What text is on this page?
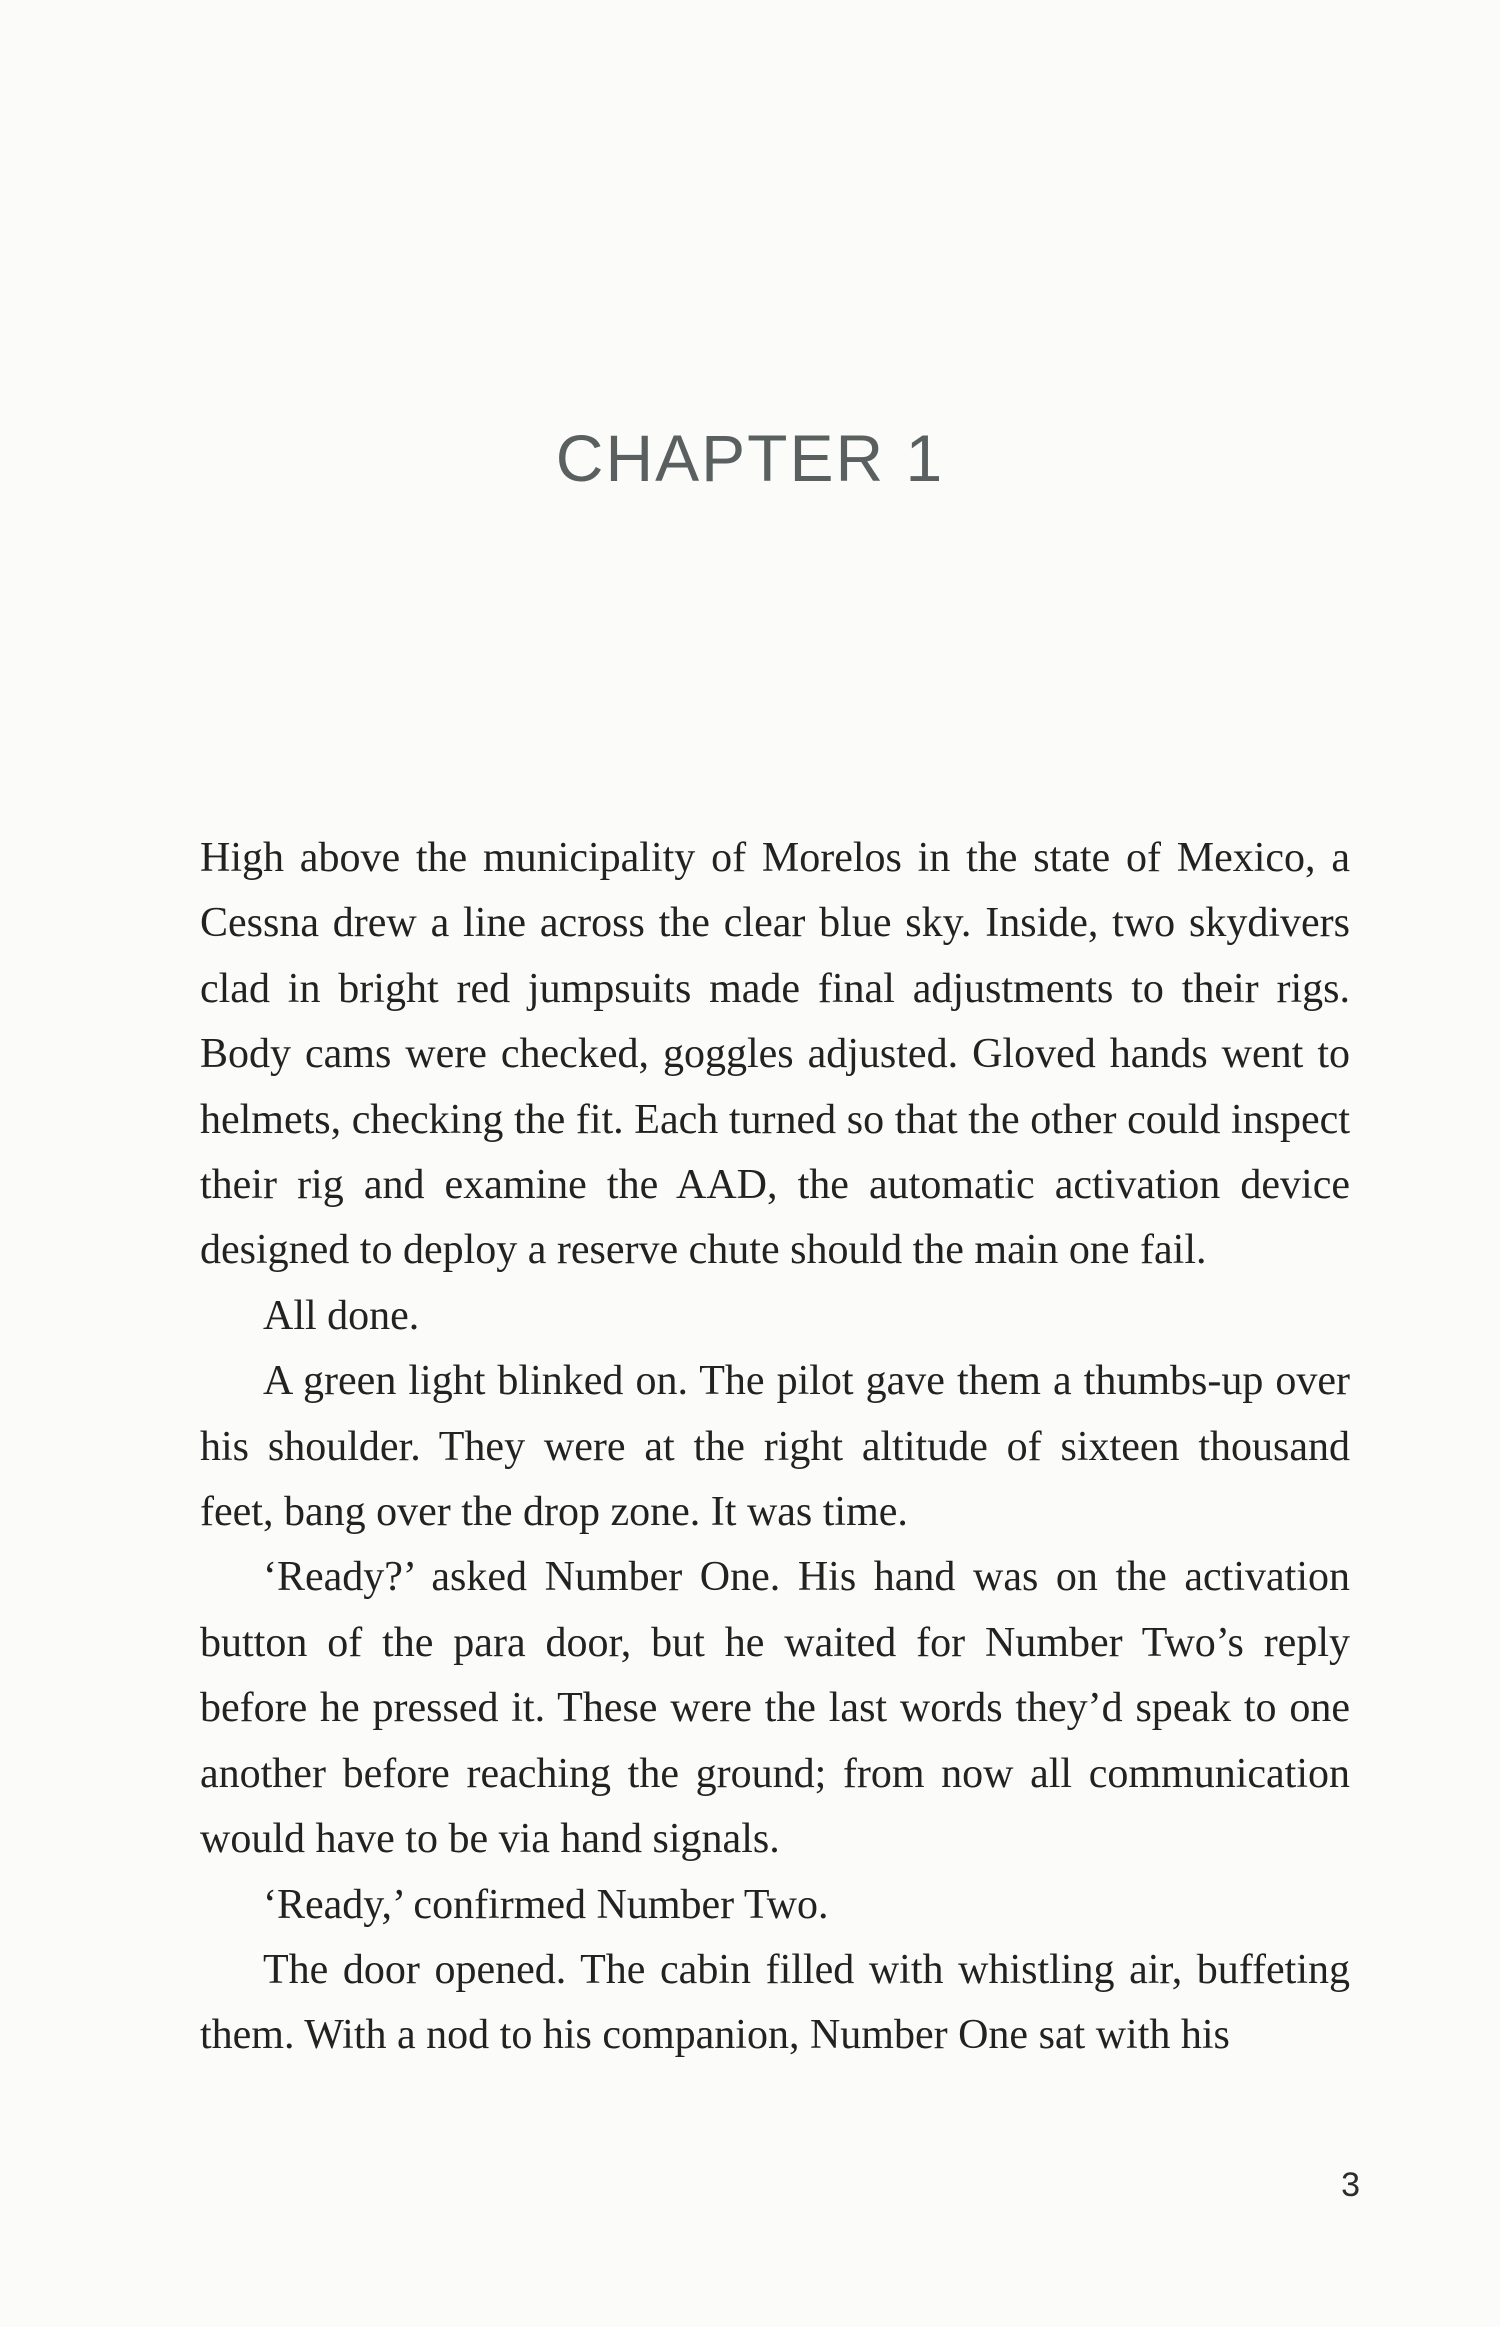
CHAPTER 1

High above the municipality of Morelos in the state of Mexico, a Cessna drew a line across the clear blue sky. Inside, two skydivers clad in bright red jumpsuits made final adjustments to their rigs. Body cams were checked, goggles adjusted. Gloved hands went to helmets, checking the fit. Each turned so that the other could inspect their rig and examine the AAD, the automatic activation device designed to deploy a reserve chute should the main one fail.

All done.

A green light blinked on. The pilot gave them a thumbs-up over his shoulder. They were at the right altitude of sixteen thousand feet, bang over the drop zone. It was time.

‘Ready?’ asked Number One. His hand was on the activation button of the para door, but he waited for Number Two’s reply before he pressed it. These were the last words they’d speak to one another before reaching the ground; from now all communication would have to be via hand signals.

‘Ready,’ confirmed Number Two.

The door opened. The cabin filled with whistling air, buffeting them. With a nod to his companion, Number One sat with his

3
